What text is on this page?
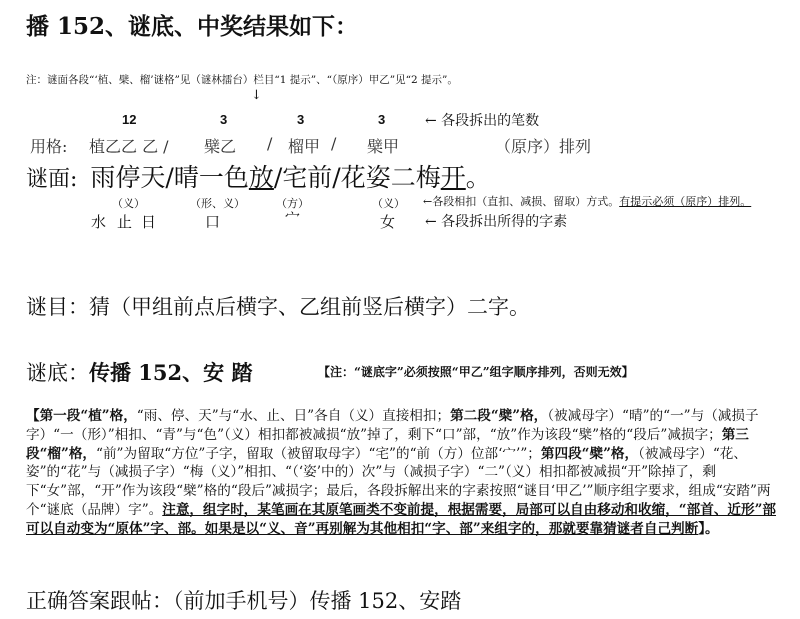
播 152、谜底、中奖结果如下：
注：谜面各段“‘植、檗、榴’谜格”见（谜林擂台）栏目“1 提示”、“（原序）甲乙”见“2 提示”。
↓
12	3	3	3	← 各段拆出的笔数
用格: 植乙乙 乙 / 檗乙 / 榴甲 / 檗甲	（原序）排列
谜面: 雨停天/晴一色放/宅前/花姿二梅开。
（义）	（形、义）	（方）	（义） ←各段相扣（直扣、减损、留取）方式。有提示必须（原序）排列。
水 止 日	口	宀	女 ← 各段拆出所得的字素
谜目：猜（甲组前点后横字、乙组前竖后横字）二字。
谜底：传播 152、安 踏	【注：“谜底字”必须按照“甲乙”组字顺序排列，否则无效】
【第一段“植”格，“雨、停、天”与“水、止、日”各自（义）直接相扣；第二段“檗”格，（被减母字）“晴”的“一”与（减损子字）“一（形）”相扣、“青”与“色”（义）相扣都被减损“放”掉了，剩下“口”部，“放”作为该段“檗”格的“段后”减损字；第三段“榴”格，“前”为留取“方位”子字，留取（被留取母字）“宅”的“前（方）位部‘宀’”；第四段“檗”格，（被减母字）“花、姿”的“花”与（减损子字）“梅（义）”相扣、“（‘姿’中的）次”与（减损子字）“二”（义）相扣都被减损“开”除掉了，剩下“女”部，“开”作为该段“檗”格的“段后”减损字；最后，各段拆解出来的字素按照“谜目‘甲乙’”顺序组字要求，组成“安踏”两个“谜底（品牌）字”。注意，组字时，某笔画在其原笔画类不变前提，根据需要，局部可以自由移动和收缩，“部首、近形”部可以自动变为“原体”字、部。如果是以“义、音”再别解为其他相扣“字、部”来组字的，那就要靠猜谜者自己判断】。
正确答案跟帖：（前加手机号）传播 152、安踏
